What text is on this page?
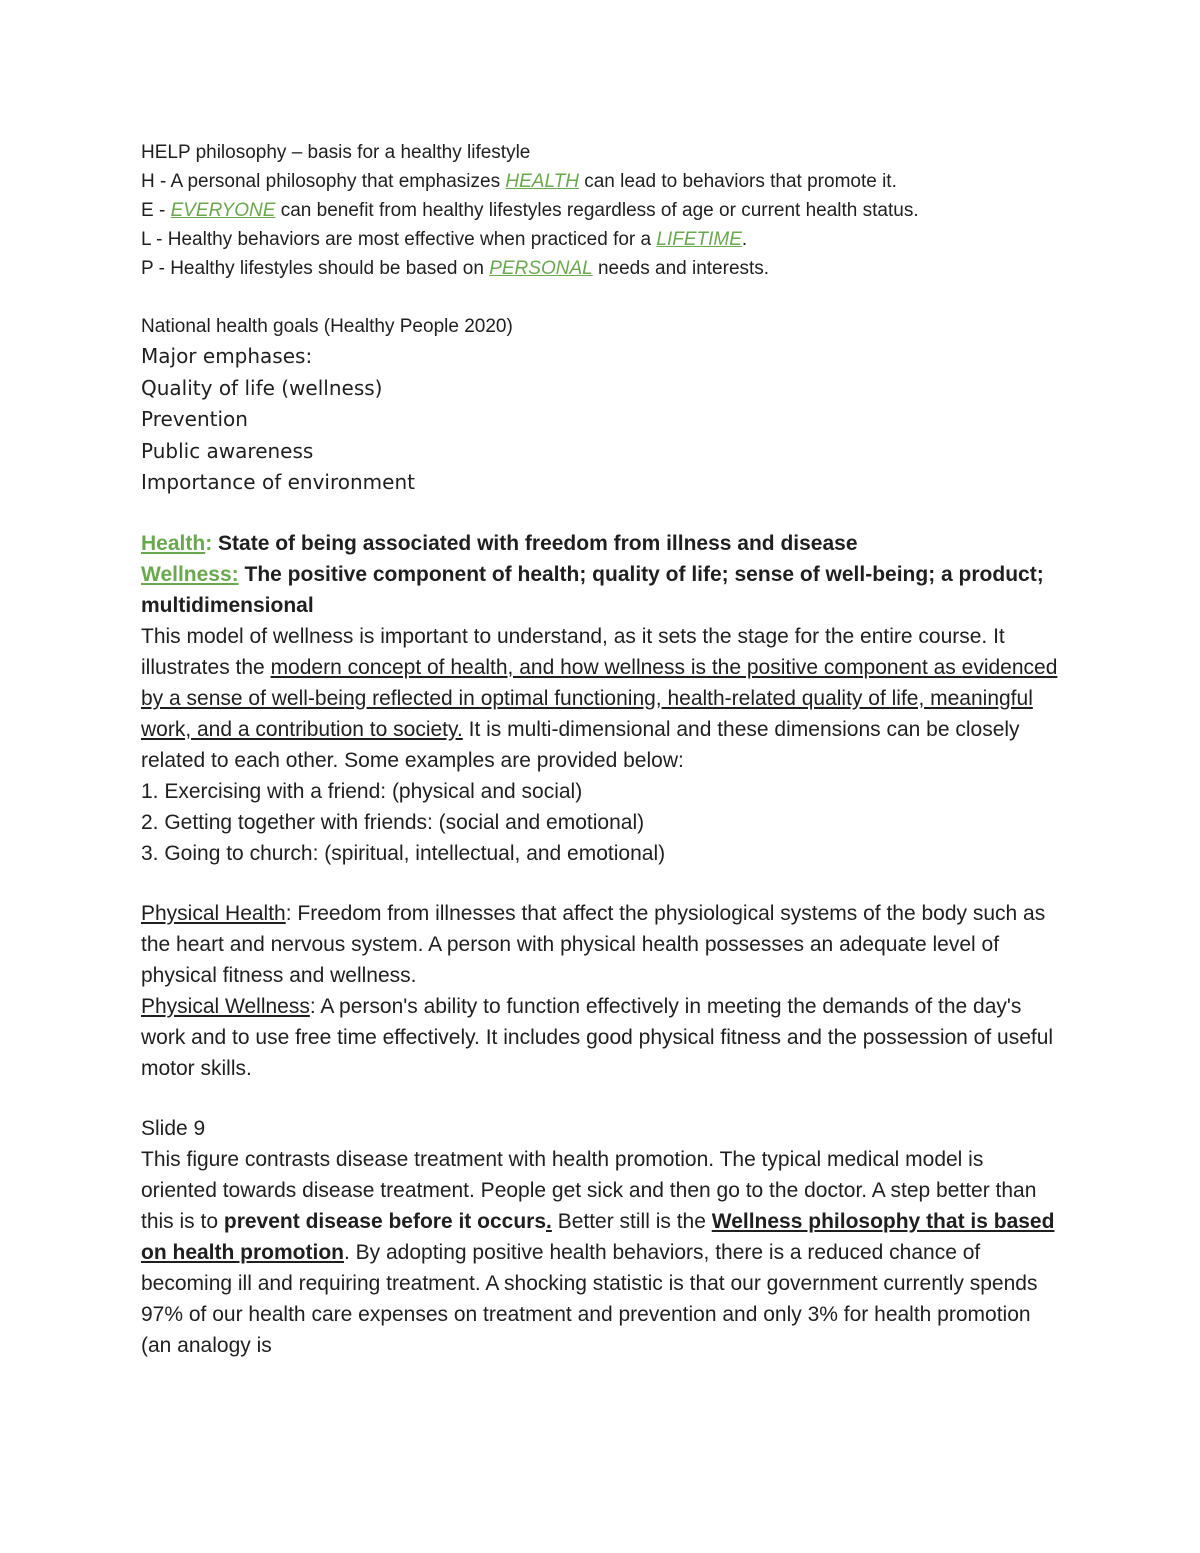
HELP philosophy – basis for a healthy lifestyle
H - A personal philosophy that emphasizes HEALTH can lead to behaviors that promote it.
E - EVERYONE can benefit from healthy lifestyles regardless of age or current health status.
L - Healthy behaviors are most effective when practiced for a LIFETIME.
P - Healthy lifestyles should be based on PERSONAL needs and interests.
National health goals (Healthy People 2020)
Major emphases:
Quality of life (wellness)
Prevention
Public awareness
Importance of environment
Health: State of being associated with freedom from illness and disease
Wellness: The positive component of health; quality of life; sense of well-being; a product; multidimensional
This model of wellness is important to understand, as it sets the stage for the entire course. It illustrates the modern concept of health, and how wellness is the positive component as evidenced by a sense of well-being reflected in optimal functioning, health-related quality of life, meaningful work, and a contribution to society. It is multi-dimensional and these dimensions can be closely related to each other. Some examples are provided below:
1. Exercising with a friend: (physical and social)
2. Getting together with friends: (social and emotional)
3. Going to church: (spiritual, intellectual, and emotional)
Physical Health: Freedom from illnesses that affect the physiological systems of the body such as the heart and nervous system. A person with physical health possesses an adequate level of physical fitness and wellness.
Physical Wellness: A person's ability to function effectively in meeting the demands of the day's work and to use free time effectively. It includes good physical fitness and the possession of useful motor skills.
Slide 9
This figure contrasts disease treatment with health promotion. The typical medical model is oriented towards disease treatment. People get sick and then go to the doctor. A step better than this is to prevent disease before it occurs. Better still is the Wellness philosophy that is based on health promotion. By adopting positive health behaviors, there is a reduced chance of becoming ill and requiring treatment. A shocking statistic is that our government currently spends 97% of our health care expenses on treatment and prevention and only 3% for health promotion (an analogy is
